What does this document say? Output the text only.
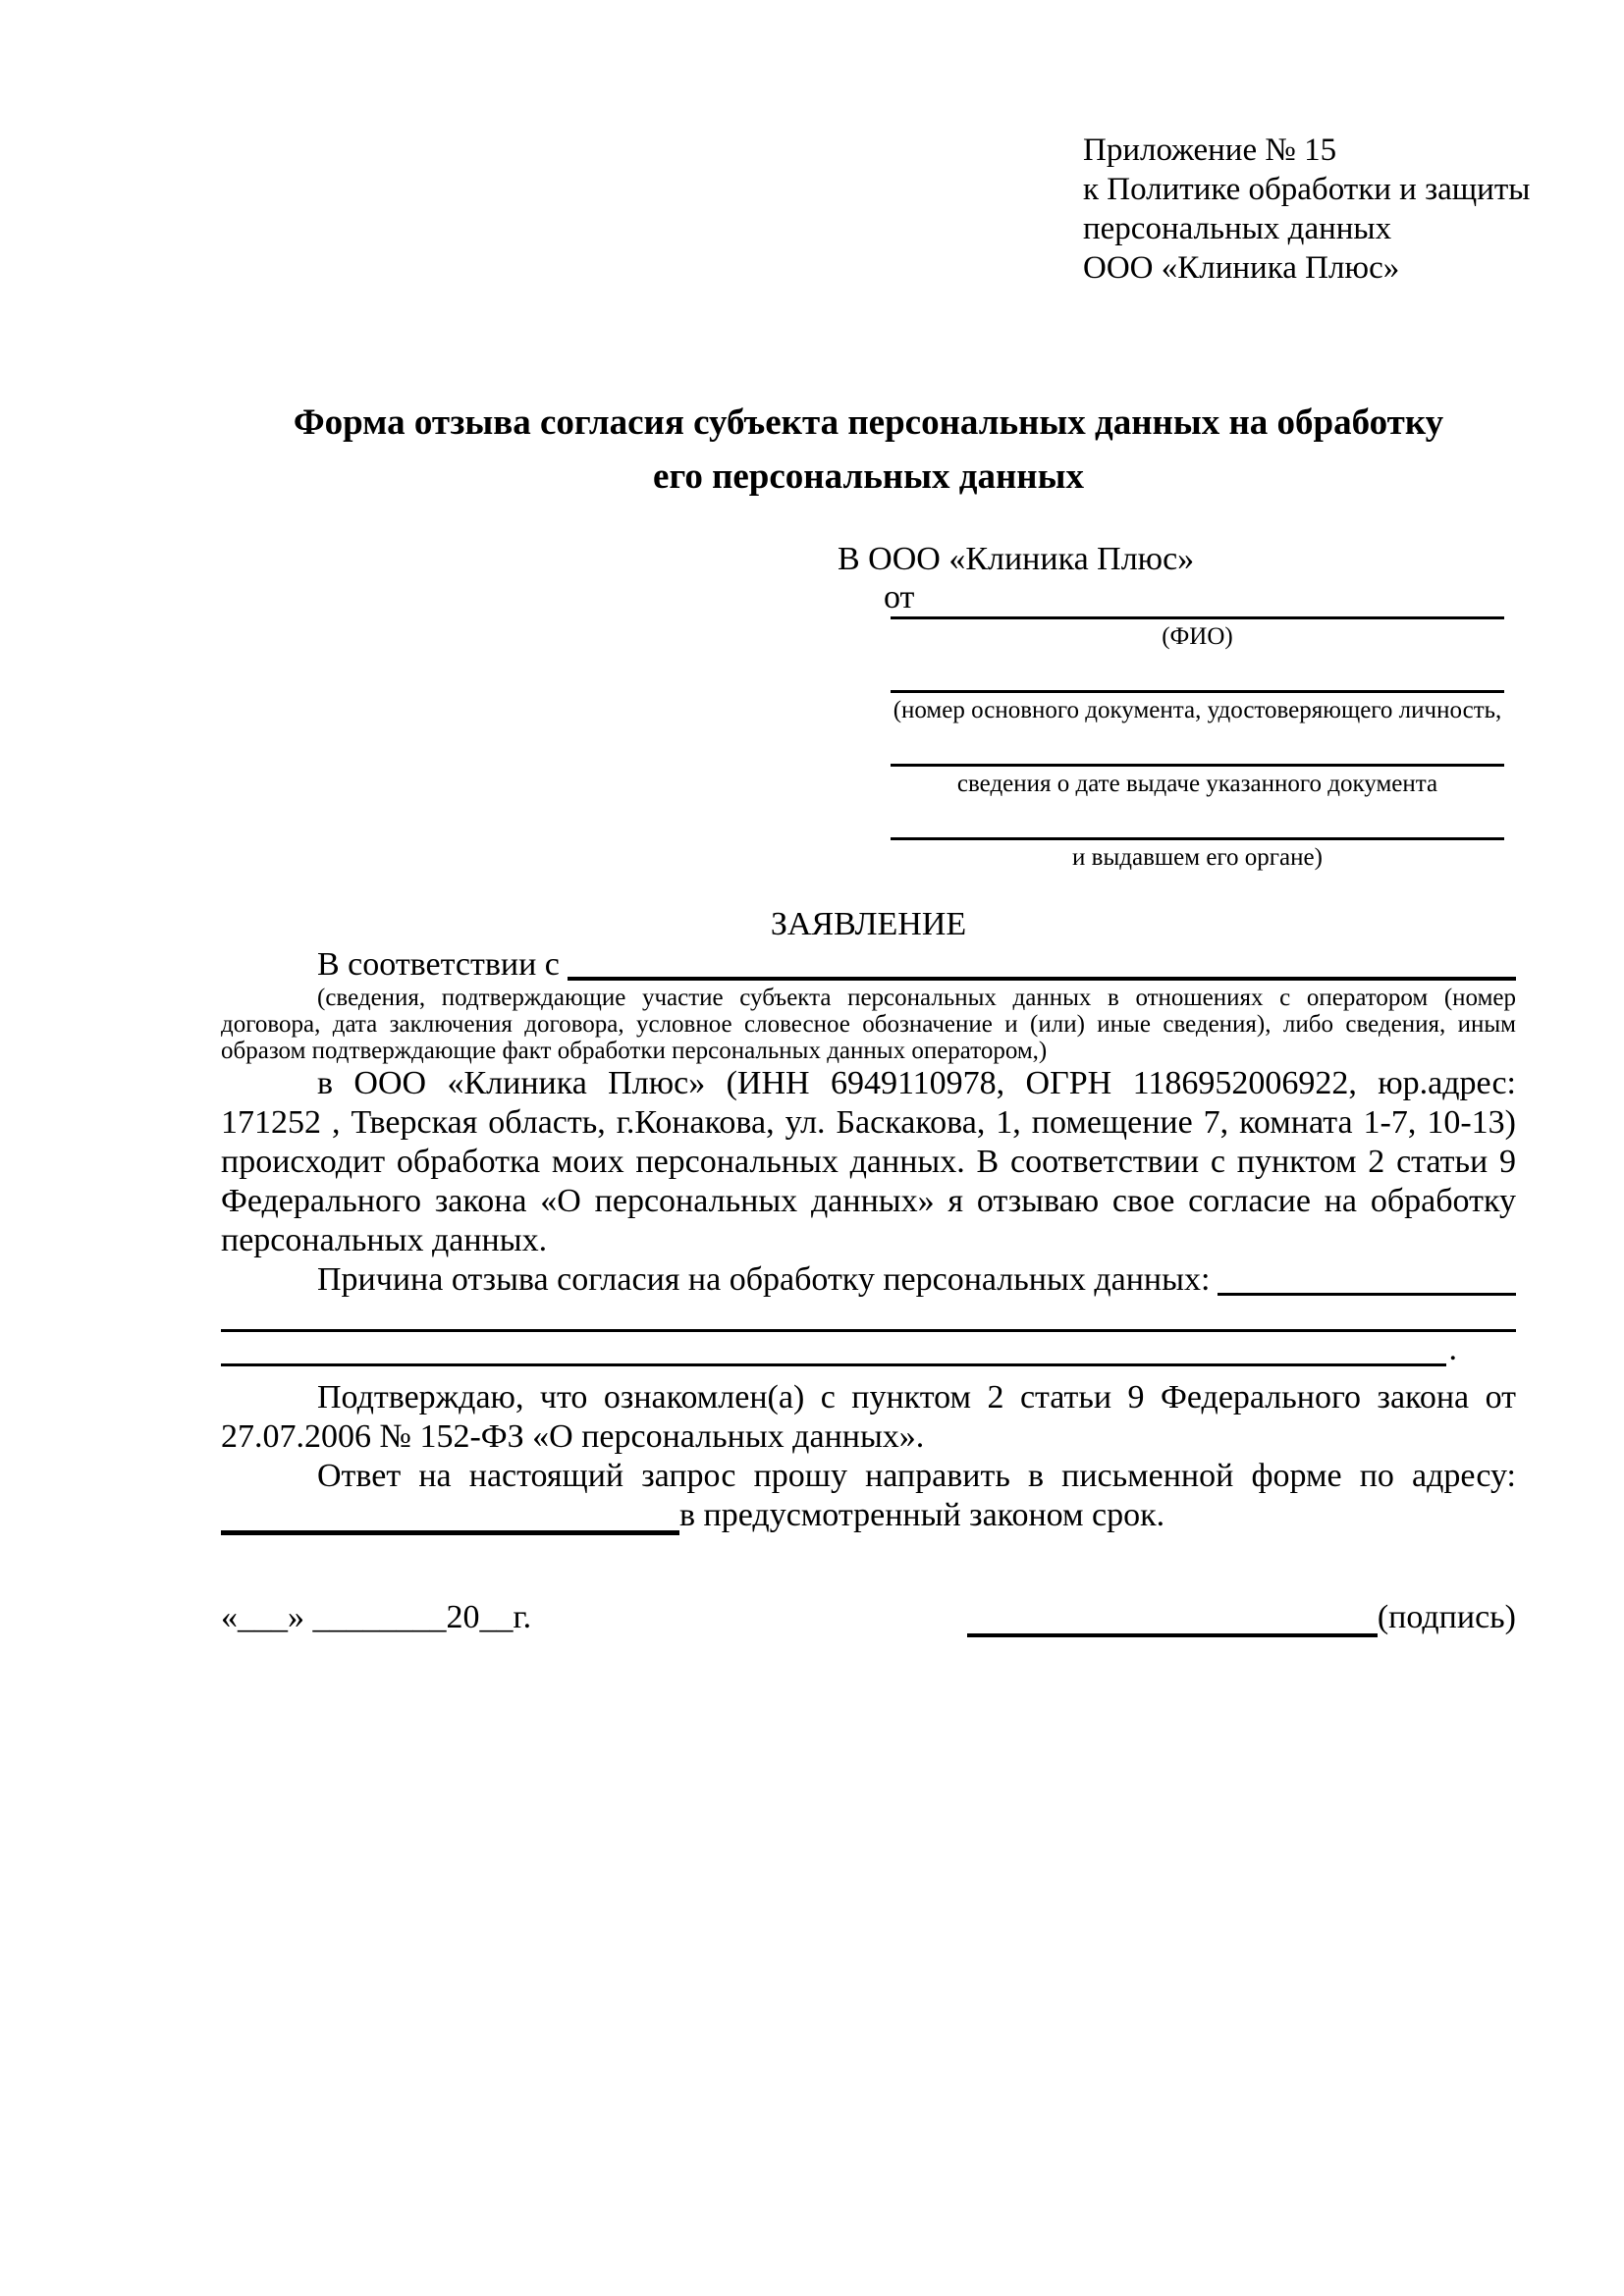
Приложение № 15
к Политике обработки и защиты
персональных данных
ООО «Клиника Плюс»
Форма отзыва согласия субъекта персональных данных на обработку
его персональных данных
В ООО «Клиника Плюс»
от
(ФИО)
(номер основного документа, удостоверяющего личность,
сведения о дате выдаче указанного документа
и выдавшем его органе)
ЗАЯВЛЕНИЕ
В соответствии с
(сведения, подтверждающие участие субъекта персональных данных в отношениях с оператором (номер договора, дата заключения договора, условное словесное обозначение и (или) иные сведения), либо сведения, иным образом подтверждающие факт обработки персональных данных оператором,)
в ООО «Клиника Плюс» (ИНН 6949110978, ОГРН 1186952006922, юр.адрес: 171252 , Тверская область, г.Конакова, ул. Баскакова, 1, помещение 7, комната 1-7, 10-13) происходит обработка моих персональных данных. В соответствии с пунктом 2 статьи 9 Федерального закона «О персональных данных» я отзываю свое согласие на обработку персональных данных.
Причина отзыва согласия на обработку персональных данных:
.
Подтверждаю, что ознакомлен(а) с пунктом 2 статьи 9 Федерального закона от 27.07.2006 № 152-ФЗ «О персональных данных».
Ответ на настоящий запрос прошу направить в письменной форме по адресу:
в предусмотренный законом срок.
«___» ________20__г.	(подпись)
